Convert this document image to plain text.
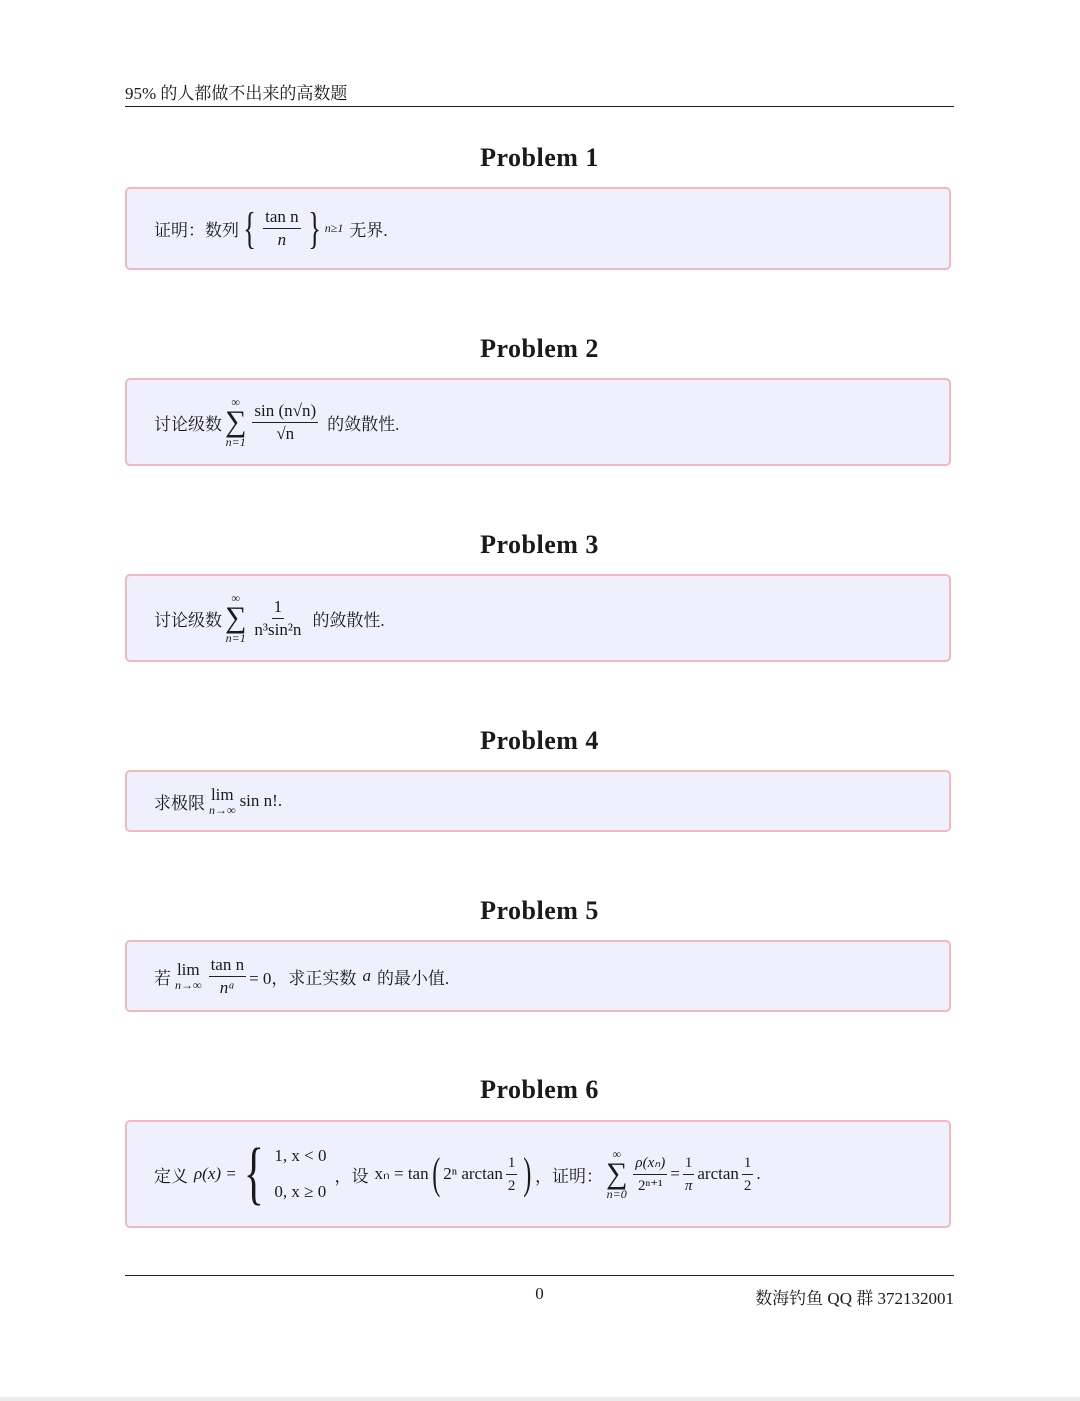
95% 的人都做不出来的高数题
Problem 1
证明：数列 { $\frac{\text{tan n}}{n}$ } n≥1 无界.
Problem 2
讨论级数
∞
∑
$n=1 \frac{\sin (n√n)}{√n}$ 的敛散性.
Problem 3
讨论级数
∞
∑
$n=1 \frac{1}{\text{n³sin²n}}$ 的敛散性.
Problem 4
求极限 lim
n→∞ sin n!.
Problem 5
若 lim
$n\to\infty \frac{\text{tan n}}{\text{nᵃ}} = 0$，求正实数 a 的最小值.
Problem 6
定义 ρ(x) = { 1, x < 0
0, x ≥ 0
，设 xₙ = tan ( 2ⁿ $\arctan \frac{1}{2}$ ) ，证明：
∞
∑
$n=0 \frac{\text{ρ(xₙ)}}{\text{2ⁿ⁺¹}} = \frac{1}{\pi}$ $\arctan \frac{1}{2}$ .
0	数海钓鱼 QQ 群 372132001
